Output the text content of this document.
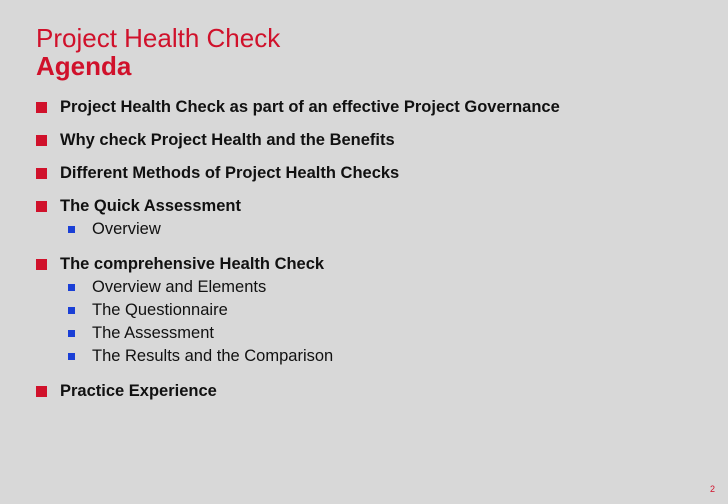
Project Health Check
Agenda
Project Health Check as part of an effective Project Governance
Why check Project Health and the Benefits
Different Methods of Project Health Checks
The Quick Assessment
Overview
The comprehensive Health Check
Overview and Elements
The Questionnaire
The Assessment
The Results and the Comparison
Practice Experience
2
